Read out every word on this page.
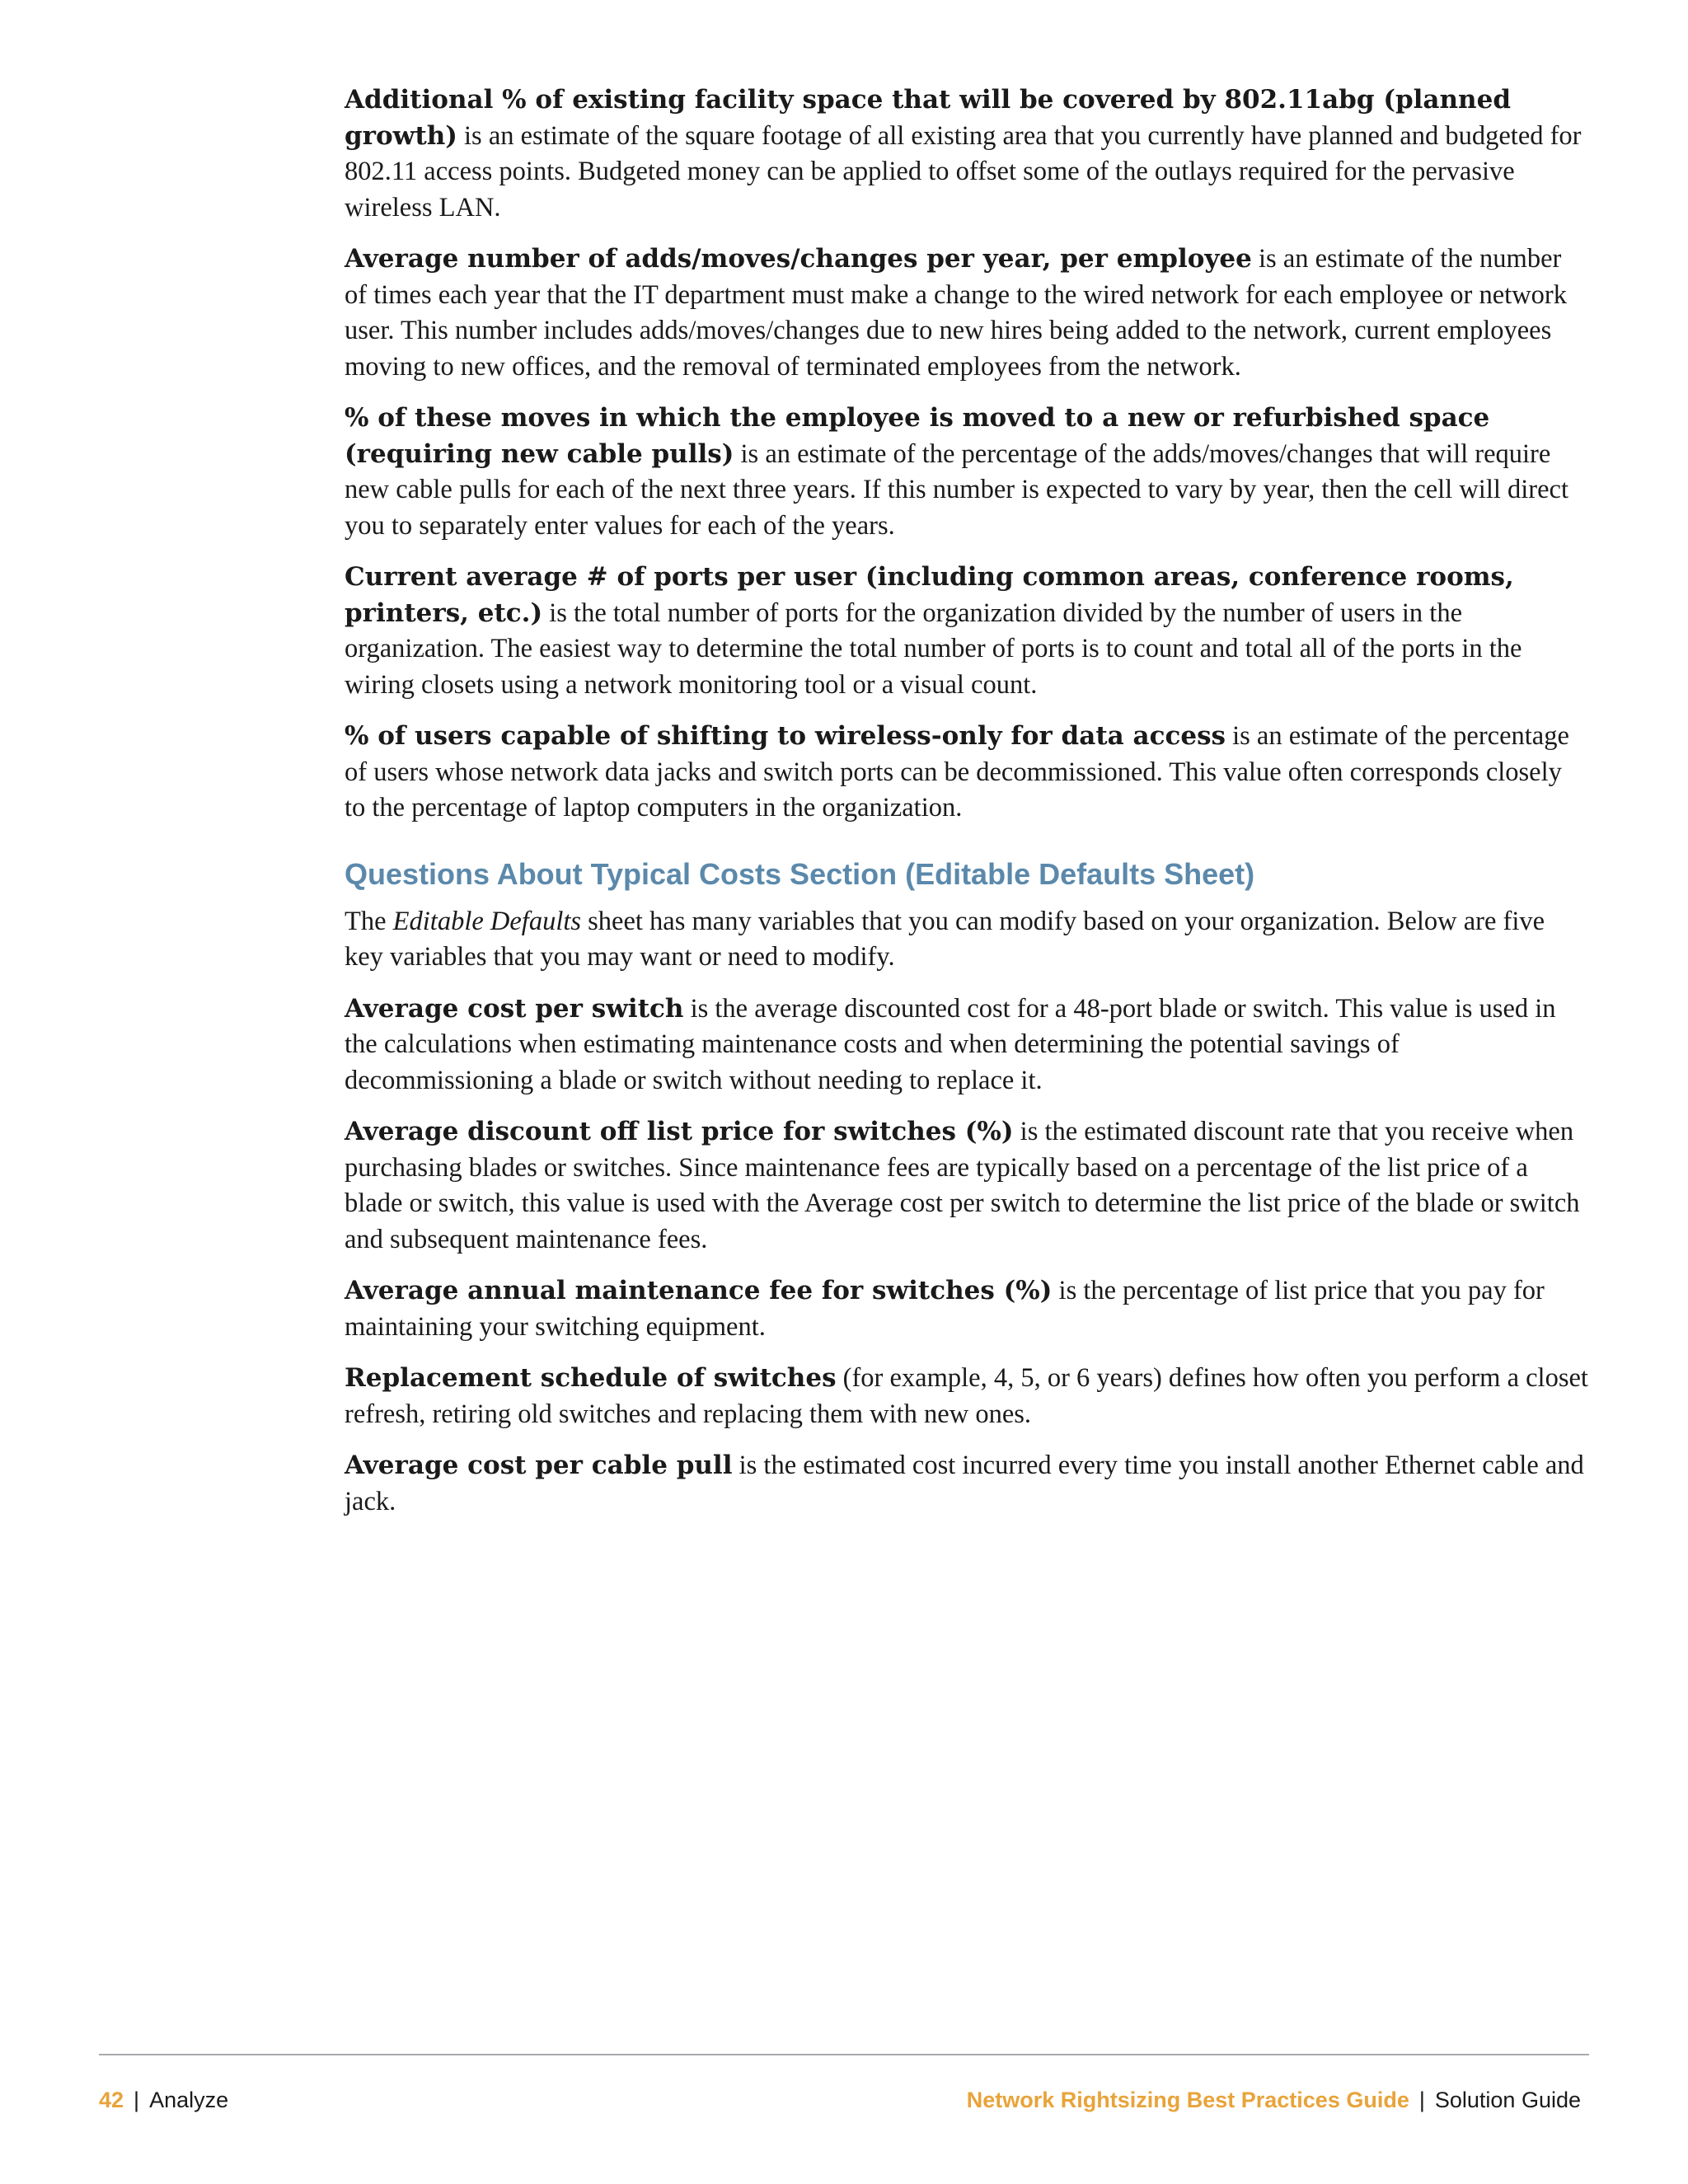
Additional % of existing facility space that will be covered by 802.11abg (planned growth) is an estimate of the square footage of all existing area that you currently have planned and budgeted for 802.11 access points. Budgeted money can be applied to offset some of the outlays required for the pervasive wireless LAN.

Average number of adds/moves/changes per year, per employee is an estimate of the number of times each year that the IT department must make a change to the wired network for each employee or network user. This number includes adds/moves/changes due to new hires being added to the network, current employees moving to new offices, and the removal of terminated employees from the network.

% of these moves in which the employee is moved to a new or refurbished space (requiring new cable pulls) is an estimate of the percentage of the adds/moves/changes that will require new cable pulls for each of the next three years. If this number is expected to vary by year, then the cell will direct you to separately enter values for each of the years.

Current average # of ports per user (including common areas, conference rooms, printers, etc.) is the total number of ports for the organization divided by the number of users in the organization. The easiest way to determine the total number of ports is to count and total all of the ports in the wiring closets using a network monitoring tool or a visual count.

% of users capable of shifting to wireless-only for data access is an estimate of the percentage of users whose network data jacks and switch ports can be decommissioned. This value often corresponds closely to the percentage of laptop computers in the organization.

Questions About Typical Costs Section (Editable Defaults Sheet)

The Editable Defaults sheet has many variables that you can modify based on your organization. Below are five key variables that you may want or need to modify.

Average cost per switch is the average discounted cost for a 48-port blade or switch. This value is used in the calculations when estimating maintenance costs and when determining the potential savings of decommissioning a blade or switch without needing to replace it.

Average discount off list price for switches (%) is the estimated discount rate that you receive when purchasing blades or switches. Since maintenance fees are typically based on a percentage of the list price of a blade or switch, this value is used with the Average cost per switch to determine the list price of the blade or switch and subsequent maintenance fees.

Average annual maintenance fee for switches (%) is the percentage of list price that you pay for maintaining your switching equipment.

Replacement schedule of switches (for example, 4, 5, or 6 years) defines how often you perform a closet refresh, retiring old switches and replacing them with new ones.

Average cost per cable pull is the estimated cost incurred every time you install another Ethernet cable and jack.

42 | Analyze	Network Rightsizing Best Practices Guide | Solution Guide
